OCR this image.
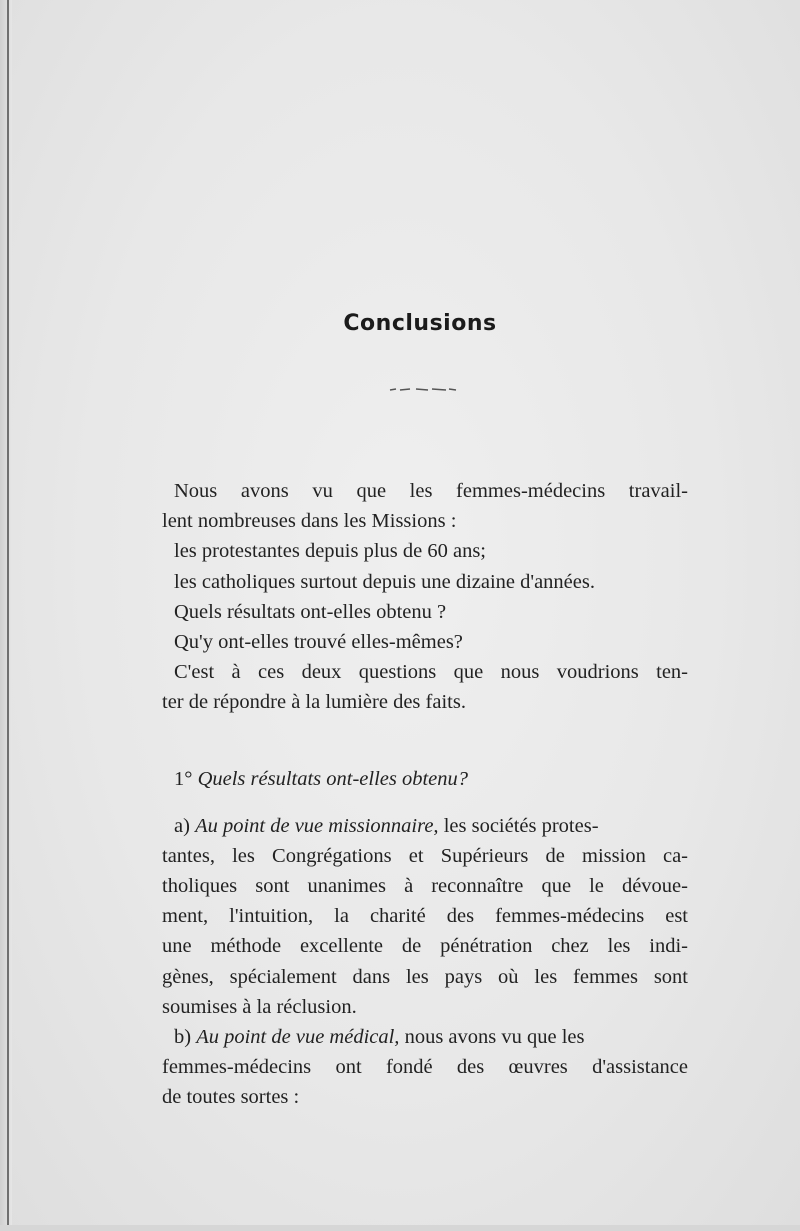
Conclusions
Nous avons vu que les femmes-médecins travail-
lent nombreuses dans les Missions :
les protestantes depuis plus de 60 ans;
les catholiques surtout depuis une dizaine d'années.
Quels résultats ont-elles obtenu ?
Qu'y ont-elles trouvé elles-mêmes?
C'est à ces deux questions que nous voudrions ten-
ter de répondre à la lumière des faits.
1° Quels résultats ont-elles obtenu?
a) Au point de vue missionnaire, les sociétés protes-
tantes, les Congrégations et Supérieurs de mission ca-
tholiques sont unanimes à reconnaître que le dévoue-
ment, l'intuition, la charité des femmes-médecins est
une méthode excellente de pénétration chez les indi-
gènes, spécialement dans les pays où les femmes sont
soumises à la réclusion.
b) Au point de vue médical, nous avons vu que les
femmes-médecins ont fondé des œuvres d'assistance
de toutes sortes :
